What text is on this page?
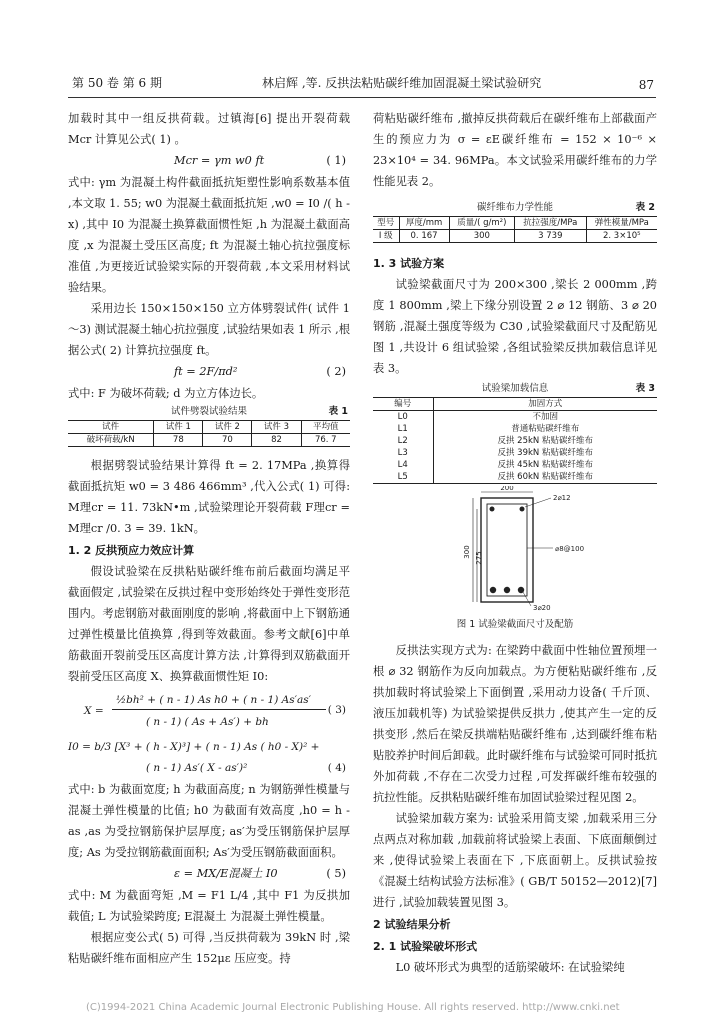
第 50 卷 第 6 期	林启辉 ,等. 反拱法粘贴碳纤维加固混凝土梁试验研究	87
加载时其中一组反拱荷载。过镇海[6] 提出开裂荷载 Mcr 计算见公式( 1) 。
Mcr = γm w0 ft	( 1)
式中: γm 为混凝土构件截面抵抗矩塑性影响系数基本值 ,本文取 1. 55; w0 为混凝土截面抵抗矩 ,w0 = I0 /( h - x) ,其中 I0 为混凝土换算截面惯性矩 ,h 为混凝土截面高度 ,x 为混凝土受压区高度; ft 为混凝土轴心抗拉强度标准值 ,为更接近试验梁实际的开裂荷载 ,本文采用材料试验结果。
采用边长 150×150×150 立方体劈裂试件( 试件 1～3) 测试混凝土轴心抗拉强度 ,试验结果如表 1 所示 ,根据公式( 2) 计算抗拉强度 ft。
ft = 2F/πd²	( 2)
式中: F 为破坏荷载; d 为立方体边长。
试件劈裂试验结果	表 1
试件	试件 1	试件 2	试件 3	平均值
破坏荷载/kN	78	70	82	76. 7
根据劈裂试验结果计算得 ft = 2. 17MPa ,换算得截面抵抗矩 w0 = 3 486 466mm³ ,代入公式( 1) 可得: M理cr = 11. 73kN•m ,试验梁理论开裂荷载 F理cr = M理cr /0. 3 = 39. 1kN。
1. 2 反拱预应力效应计算
假设试验梁在反拱粘贴碳纤维布前后截面均满足平截面假定 ,试验梁在反拱过程中变形始终处于弹性变形范围内。考虑钢筋对截面刚度的影响 ,将截面中上下钢筋通过弹性模量比值换算 ,得到等效截面。参考文献[6]中单筋截面开裂前受压区高度计算方法 ,计算得到双筋截面开裂前受压区高度 X、换算截面惯性矩 I0:
½bh² + ( n - 1) As h0 + ( n - 1) As′as′
X =
( n - 1) ( As + As′) + bh
( 3)
I0 = b/3 [X³ + ( h - X)³] + ( n - 1) As ( h0 - X)² +
( n - 1) As′( X - as′)²	( 4)
式中: b 为截面宽度; h 为截面高度; n 为钢筋弹性模量与混凝土弹性模量的比值; h0 为截面有效高度 ,h0 = h - as ,as 为受拉钢筋保护层厚度; as′为受压钢筋保护层厚度; As 为受拉钢筋截面面积; As′为受压钢筋截面面积。
ε = MX/E混凝土 I0	( 5)
式中: M 为截面弯矩 ,M = F1 L/4 ,其中 F1 为反拱加载值; L 为试验梁跨度; E混凝土 为混凝土弹性模量。
根据应变公式( 5) 可得 ,当反拱荷载为 39kN 时 ,梁粘贴碳纤维布面相应产生 152με 压应变。持
荷粘贴碳纤维布 ,撤掉反拱荷载后在碳纤维布上部截面产生的预应力为 σ = εE碳纤维布 = 152 × 10⁻⁶ × 23×10⁴ = 34. 96MPa。本文试验采用碳纤维布的力学性能见表 2。
碳纤维布力学性能	表 2
型号	厚度/mm	质量/( g/m²)	抗拉强度/MPa	弹性模量/MPa
I 级	0. 167	300	3 739	2. 3×10⁵
1. 3 试验方案
试验梁截面尺寸为 200×300 ,梁长 2 000mm ,跨度 1 800mm ,梁上下缘分别设置 2 ⌀ 12 钢筋、3 ⌀ 20钢筋 ,混凝土强度等级为 C30 ,试验梁截面尺寸及配筋见图 1 ,共设计 6 组试验梁 ,各组试验梁反拱加载信息详见表 3。
试验梁加载信息	表 3
编号	加固方式
L0	不加固
L1	普通粘贴碳纤维布
L2	反拱 25kN 粘贴碳纤维布
L3	反拱 39kN 粘贴碳纤维布
L4	反拱 45kN 粘贴碳纤维布
L5	反拱 60kN 粘贴碳纤维布
200
300 275
2⌀12
⌀8@100
3⌀20
图 1 试验梁截面尺寸及配筋
反拱法实现方式为: 在梁跨中截面中性轴位置预埋一根 ⌀ 32 钢筋作为反向加载点。为方便粘贴碳纤维布 ,反拱加载时将试验梁上下面倒置 ,采用动力设备( 千斤顶、液压加载机等) 为试验梁提供反拱力 ,使其产生一定的反拱变形 ,然后在梁反拱端粘贴碳纤维布 ,达到碳纤维布粘贴胶养护时间后卸载。此时碳纤维布与试验梁可同时抵抗外加荷载 ,不存在二次受力过程 ,可发挥碳纤维布较强的抗拉性能。反拱粘贴碳纤维布加固试验梁过程见图 2。
试验梁加载方案为: 试验采用简支梁 ,加载采用三分点两点对称加载 ,加载前将试验梁上表面、下底面颠倒过来 ,使得试验梁上表面在下 ,下底面朝上。反拱试验按《混凝土结构试验方法标准》( GB/T 50152—2012)[7] 进行 ,试验加载装置见图 3。
2 试验结果分析
2. 1 试验梁破坏形式
L0 破坏形式为典型的适筋梁破坏: 在试验梁纯
(C)1994-2021 China Academic Journal Electronic Publishing House. All rights reserved. http://www.cnki.net
